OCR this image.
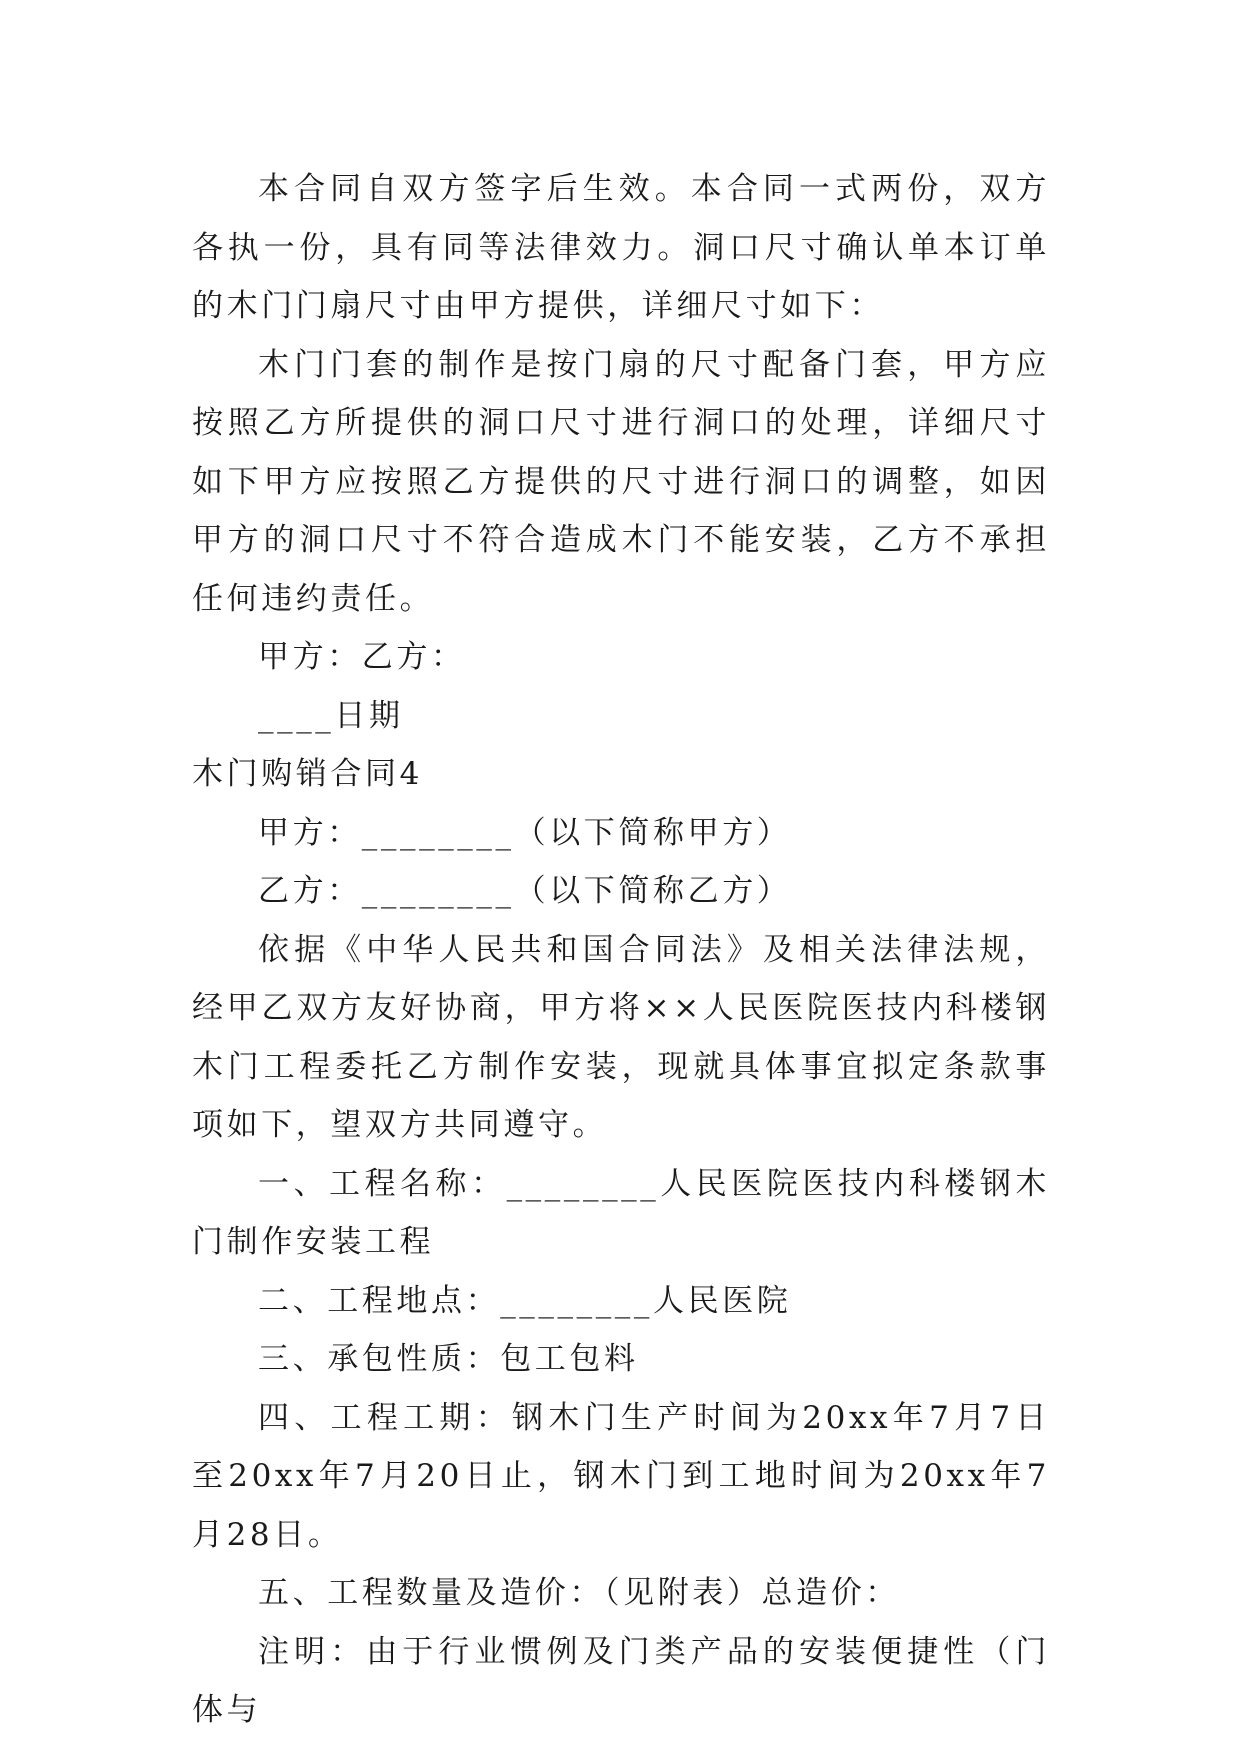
本合同自双方签字后生效。本合同一式两份，双方各执一份，具有同等法律效力。洞口尺寸确认单本订单的木门门扇尺寸由甲方提供，详细尺寸如下：

木门门套的制作是按门扇的尺寸配备门套，甲方应按照乙方所提供的洞口尺寸进行洞口的处理，详细尺寸如下甲方应按照乙方提供的尺寸进行洞口的调整，如因甲方的洞口尺寸不符合造成木门不能安装，乙方不承担任何违约责任。

甲方：乙方：

____日期

木门购销合同4

甲方：________（以下简称甲方）

乙方：________（以下简称乙方）

依据《中华人民共和国合同法》及相关法律法规，经甲乙双方友好协商，甲方将××人民医院医技内科楼钢木门工程委托乙方制作安装，现就具体事宜拟定条款事项如下，望双方共同遵守。

一、工程名称：________人民医院医技内科楼钢木门制作安装工程

二、工程地点：________人民医院

三、承包性质：包工包料

四、工程工期：钢木门生产时间为20xx年7月7日至20xx年7月20日止，钢木门到工地时间为20xx年7月28日。

五、工程数量及造价：（见附表）总造价：

注明：由于行业惯例及门类产品的安装便捷性（门体与
